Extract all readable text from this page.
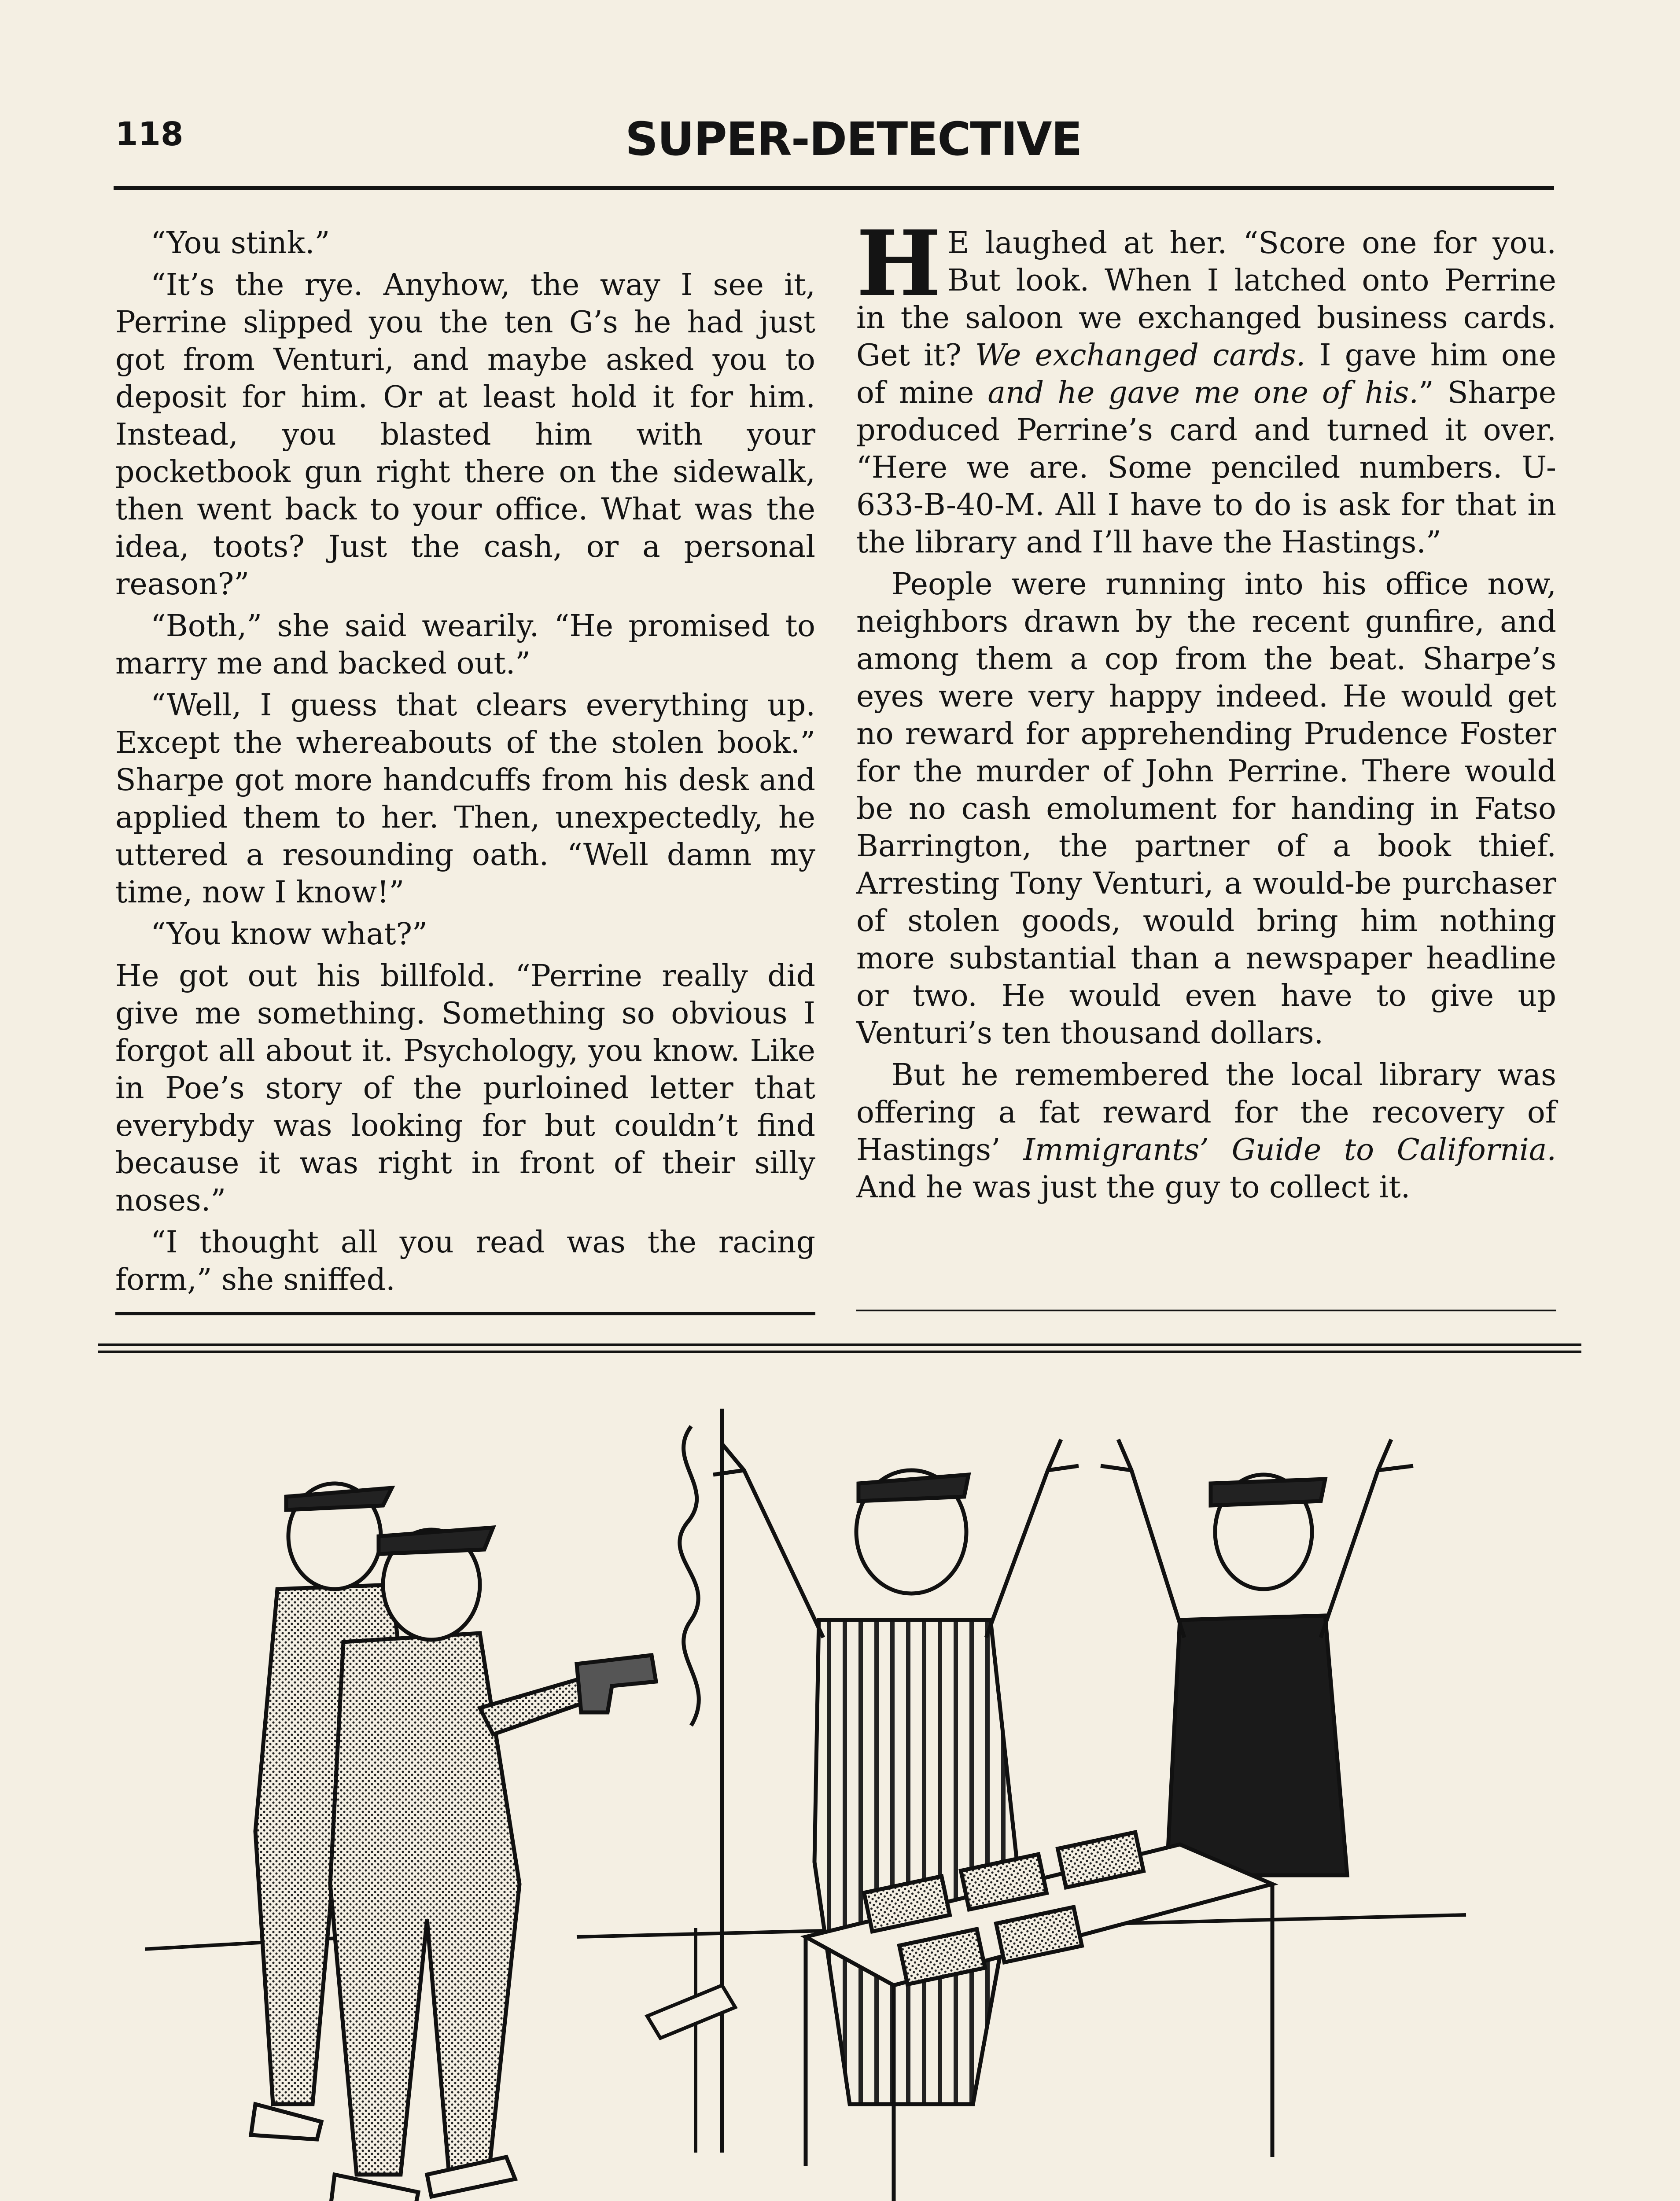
118	SUPER-DETECTIVE

“You stink.”

“It’s the rye. Anyhow, the way I see it, Perrine slipped you the ten G’s he had just got from Venturi, and maybe asked you to deposit for him. Or at least hold it for him. Instead, you blasted him with your pocketbook gun right there on the sidewalk, then went back to your office. What was the idea, toots? Just the cash, or a personal reason?”

“Both,” she said wearily. “He promised to marry me and backed out.”

“Well, I guess that clears everything up. Except the whereabouts of the stolen book.” Sharpe got more handcuffs from his desk and applied them to her. Then, unexpectedly, he uttered a resounding oath. “Well damn my time, now I know!”

“You know what?”

He got out his billfold. “Perrine really did give me something. Something so obvious I forgot all about it. Psychology, you know. Like in Poe’s story of the purloined letter that everybdy was looking for but couldn’t find because it was right in front of their silly noses.”

“I thought all you read was the racing form,” she sniffed.

H E laughed at her. “Score one for you. But look. When I latched onto Perrine in the saloon we exchanged business cards. Get it? We exchanged cards. I gave him one of mine and he gave me one of his.” Sharpe produced Perrine’s card and turned it over. “Here we are. Some penciled numbers. U-633-B-40-M. All I have to do is ask for that in the library and I’ll have the Hastings.”

People were running into his office now, neighbors drawn by the recent gunfire, and among them a cop from the beat. Sharpe’s eyes were very happy indeed. He would get no reward for apprehending Prudence Foster for the murder of John Perrine. There would be no cash emolument for handing in Fatso Barrington, the partner of a book thief. Arresting Tony Venturi, a would-be purchaser of stolen goods, would bring him nothing more substantial than a newspaper headline or two. He would even have to give up Venturi’s ten thousand dollars.

But he remembered the local library was offering a fat reward for the recovery of Hastings’ Immigrants’ Guide to California. And he was just the guy to collect it.
